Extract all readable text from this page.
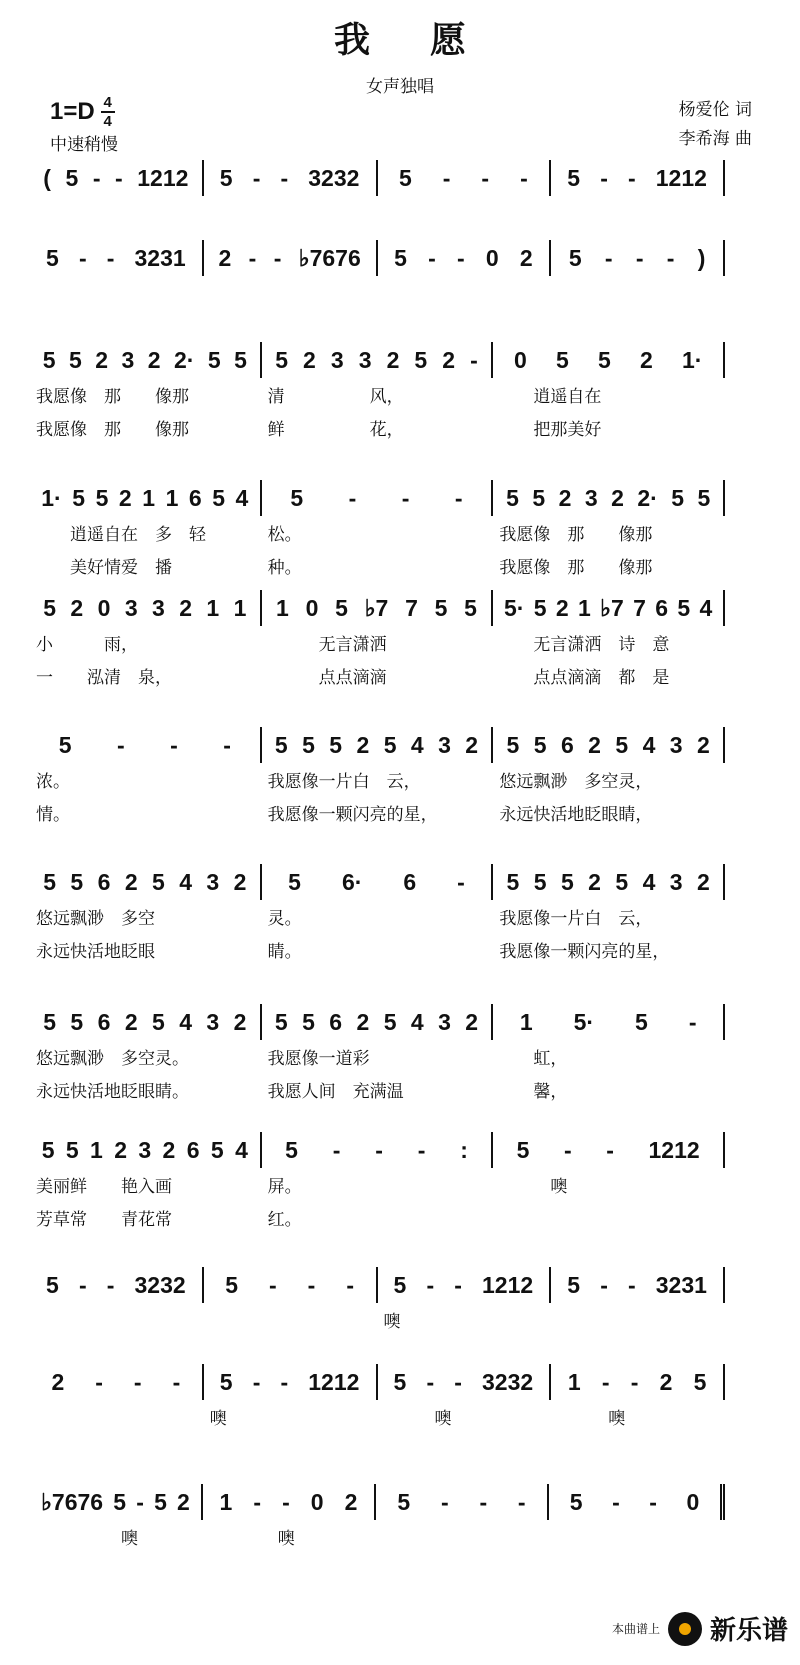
我愿
女声独唱
1=D 4
4
中速稍慢
杨爱伦 词
李希海 曲
( 5 - - 1212 5 - - 3232 5 - - - 5 - - 1212
5 - - 3231 2 - - ♭7676 5 - - 0 2 5 - - - )
5 5 2 3 2 2· 5 5 5 2 3 3 2 5 2 - 0 5 5 2 1·
我愿像　那　　像那	清　　　　　风，	　　逍遥自在
我愿像　那　　像那	鲜　　　　　花，	　　把那美好
1· 5 5 2 1 1 6 5 4 5 - - - 5 5 2 3 2 2· 5 5
　　逍遥自在　多　轻	松。	我愿像　那　　像那
　　美好情爱　播	种。	我愿像　那　　像那
5 2 0 3 3 2 1 1 1 0 5 ♭7 7 5 5 5· 5 2 1 ♭7 7 6 5 4
小　　　雨，	　　　无言潇洒	　　无言潇洒　诗　意
一　　泓清　泉，	　　　点点滴滴	　　点点滴滴　都　是
5 - - - 5 5 5 2 5 4 3 2 5 5 6 2 5 4 3 2
浓。	我愿像一片白　云，	悠远飘渺　多空灵，
情。	我愿像一颗闪亮的星，	永远快活地眨眼睛，
5 5 6 2 5 4 3 2 5 6· 6 - 5 5 5 2 5 4 3 2
悠远飘渺　多空	灵。	我愿像一片白　云，
永远快活地眨眼	睛。	我愿像一颗闪亮的星，
5 5 6 2 5 4 3 2 5 5 6 2 5 4 3 2 1 5· 5 -
悠远飘渺　多空灵。	我愿像一道彩	　　虹，
永远快活地眨眼睛。	我愿人间　充满温	　　馨，
5 5 1 2 3 2 6 5 4 5 - - - : 5 - - 1212
美丽鲜　　艳入画	屏。	　　　噢
芳草常　　青花常	红。
5 - - 3232 5 - - - 5 - - 1212 5 - - 3231
噢
2 - - - 5 - - 1212 5 - - 3232 1 - - 2 5
噢	　　　噢	　　　噢
♭7676 5 - 5 2 1 - - 0 2 5 - - - 5 - - 0
　　　　　噢	　　　　噢
本曲谱上 新乐谱
